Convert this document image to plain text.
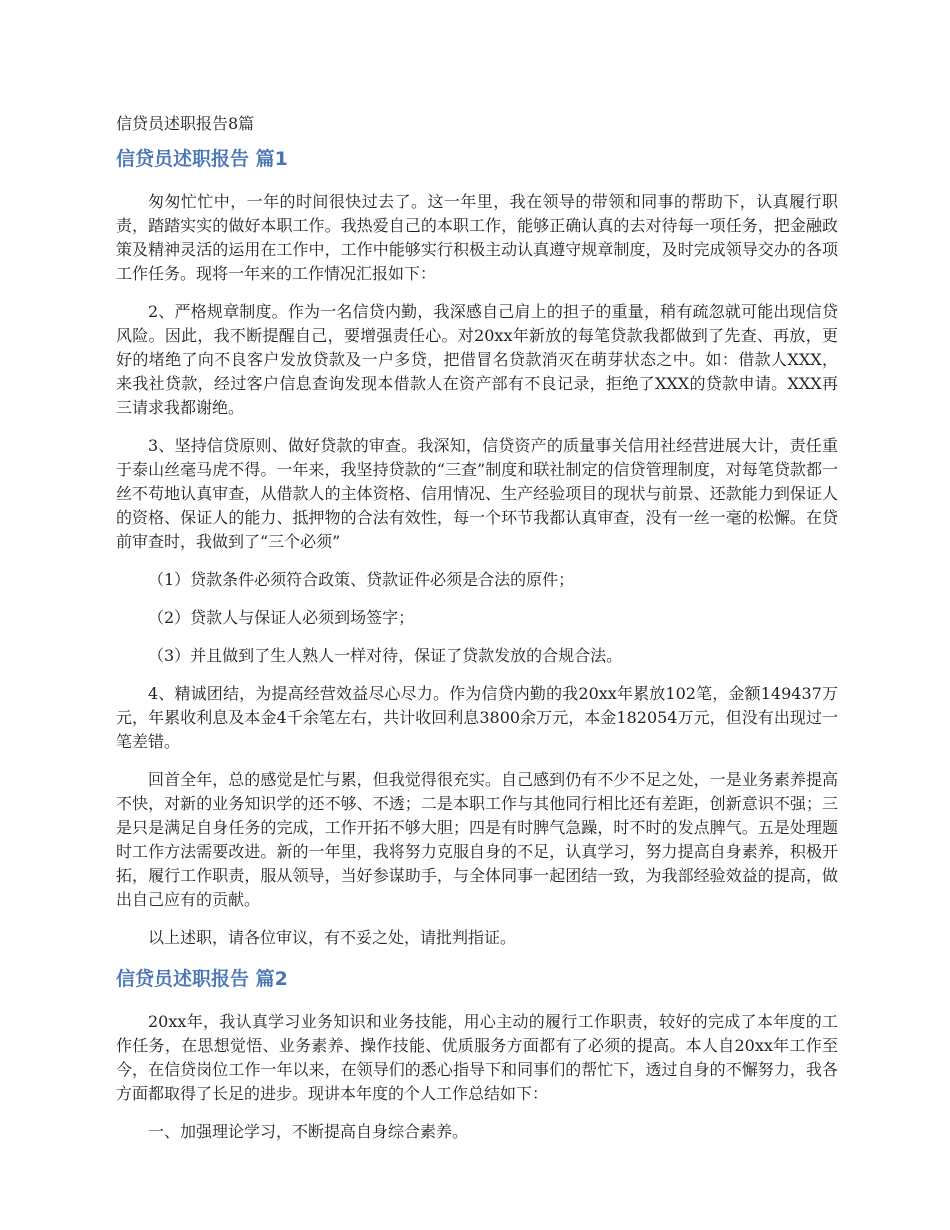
信贷员述职报告8篇
信贷员述职报告 篇1

匆匆忙忙中，一年的时间很快过去了。这一年里，我在领导的带领和同事的帮助下，认真履行职责，踏踏实实的做好本职工作。我热爱自己的本职工作，能够正确认真的去对待每一项任务，把金融政策及精神灵活的运用在工作中，工作中能够实行积极主动认真遵守规章制度，及时完成领导交办的各项工作任务。现将一年来的工作情况汇报如下：

2、严格规章制度。作为一名信贷内勤，我深感自己肩上的担子的重量，稍有疏忽就可能出现信贷风险。因此，我不断提醒自己，要增强责任心。对20xx年新放的每笔贷款我都做到了先查、再放，更好的堵绝了向不良客户发放贷款及一户多贷，把借冒名贷款消灭在萌芽状态之中。如：借款人XXX，来我社贷款，经过客户信息查询发现本借款人在资产部有不良记录，拒绝了XXX的贷款申请。XXX再三请求我都谢绝。

3、坚持信贷原则、做好贷款的审查。我深知，信贷资产的质量事关信用社经营进展大计，责任重于泰山丝毫马虎不得。一年来，我坚持贷款的“三查”制度和联社制定的信贷管理制度，对每笔贷款都一丝不苟地认真审查，从借款人的主体资格、信用情况、生产经验项目的现状与前景、还款能力到保证人的资格、保证人的能力、抵押物的合法有效性，每一个环节我都认真审查，没有一丝一毫的松懈。在贷前审查时，我做到了“三个必须”

（1）贷款条件必须符合政策、贷款证件必须是合法的原件；

（2）贷款人与保证人必须到场签字；

（3）并且做到了生人熟人一样对待，保证了贷款发放的合规合法。

4、精诚团结，为提高经营效益尽心尽力。作为信贷内勤的我20xx年累放102笔，金额149437万元，年累收利息及本金4千余笔左右，共计收回利息3800余万元，本金182054万元，但没有出现过一笔差错。

回首全年，总的感觉是忙与累，但我觉得很充实。自己感到仍有不少不足之处，一是业务素养提高不快，对新的业务知识学的还不够、不透；二是本职工作与其他同行相比还有差距，创新意识不强；三是只是满足自身任务的完成，工作开拓不够大胆；四是有时脾气急躁，时不时的发点脾气。五是处理题时工作方法需要改进。新的一年里，我将努力克服自身的不足，认真学习，努力提高自身素养，积极开拓，履行工作职责，服从领导，当好参谋助手，与全体同事一起团结一致，为我部经验效益的提高，做出自己应有的贡献。

以上述职，请各位审议，有不妥之处，请批判指证。

信贷员述职报告 篇2

20xx年，我认真学习业务知识和业务技能，用心主动的履行工作职责，较好的完成了本年度的工作任务，在思想觉悟、业务素养、操作技能、优质服务方面都有了必须的提高。本人自20xx年工作至今，在信贷岗位工作一年以来，在领导们的悉心指导下和同事们的帮忙下，透过自身的不懈努力，我各方面都取得了长足的进步。现讲本年度的个人工作总结如下：

一、加强理论学习，不断提高自身综合素养。
